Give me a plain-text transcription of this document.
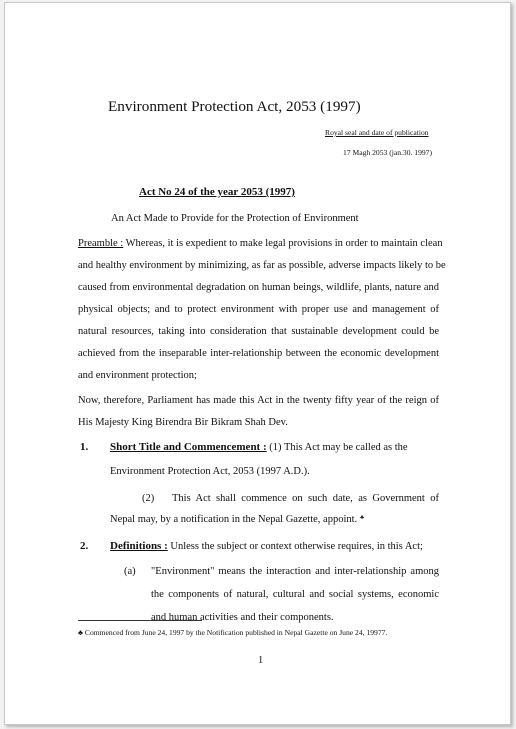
Environment Protection Act, 2053 (1997)
Royal seal and date of publication
17 Magh 2053 (jan.30. 1997)
Act No 24 of the year 2053 (1997)
An Act Made to Provide for the Protection of Environment
Preamble : Whereas, it is expedient to make legal provisions in order to maintain clean
and healthy environment by minimizing, as far as possible, adverse impacts likely to be
caused from environmental degradation on human beings, wildlife, plants, nature and
physical objects; and to protect environment with proper use and management of
natural resources, taking into consideration that sustainable development could be
achieved from the inseparable inter-relationship between the economic development
and environment protection;
Now, therefore, Parliament has made this Act in the twenty fifty year of the reign of
His Majesty King Birendra Bir Bikram Shah Dev.
1. Short Title and Commencement : (1) This Act may be called as the
Environment Protection Act, 2053 (1997 A.D.).
(2) This Act shall commence on such date, as Government of
Nepal may, by a notification in the Nepal Gazette, appoint. ♣
2. Definitions : Unless the subject or context otherwise requires, in this Act;
(a) "Environment" means the interaction and inter-relationship among
the components of natural, cultural and social systems, economic
and human activities and their components.
♣ Commenced from June 24, 1997 by the Notification published in Nepal Gazette on June 24, 19977.
1
